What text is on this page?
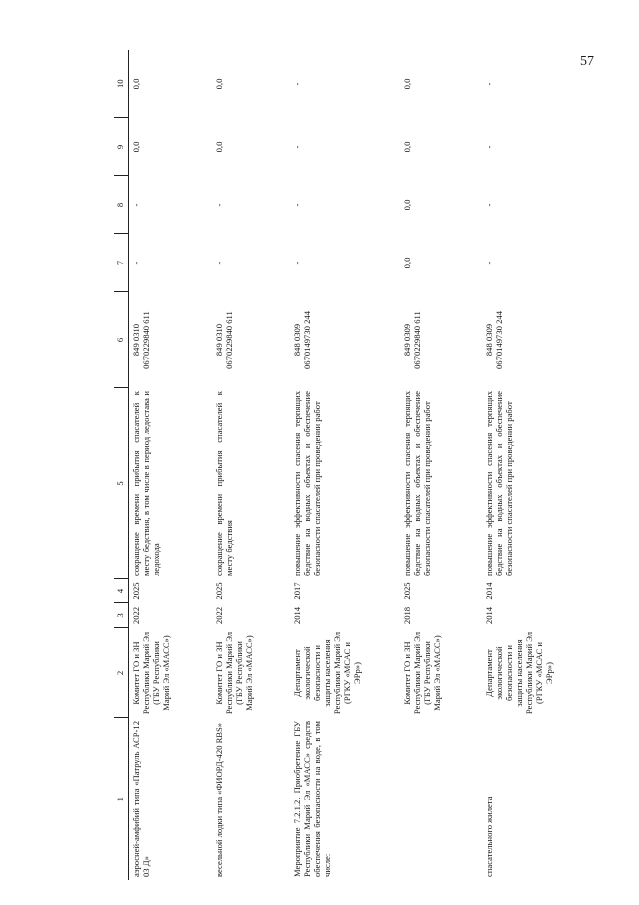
57
1	2	3	4	5	6	7	8	9	10
аэросней-амфибий типа «Патруль АСР-12 03 Д»	Комитет ГО и ЗН Республики Марий Эл (ГБУ Республики Марий Эл «МАСС»)	2022	2025	сокращение времени прибытия спасателей к месту бедствия, в том числе в период ледостава и ледохода	849 0310 0670229840 611	-	-	0,0	0,0
весельной лодки типа «ФИОРД-420 RBS»	Комитет ГО и ЗН Республики Марий Эл (ГБУ Республики Марий Эл «МАСС»)	2022	2025	сокращение времени прибытия спасателей к месту бедствия	849 0310 0670229840 611	-	-	0,0	0,0
Мероприятие 7.2.1.2. Приобретение ГБУ Республики Марий Эл «МАСС» средств обеспечения безопасности на воде, в том числе:	Департамент экологической безопасности и защиты населения Республики Марий Эл (РГКУ «МСАС и ЭРр»)	2014	2017	повышение эффективности спасения терпящих бедствие на водных объектах и обеспечение безопасности спасателей при проведении работ	848 0309 0670149730 244	-	-	-	-
	Комитет ГО и ЗН Республики Марий Эл (ГБУ Республики Марий Эл «МАСС»)	2018	2025	повышение эффективности спасения терпящих бедствие на водных объектах и обеспечение безопасности спасателей при проведении работ	849 0309 0670229840 611	0,0	0,0	0,0	0,0
спасательного жилета	Департамент экологической безопасности и защиты населения Республики Марий Эл (РГКУ «МСАС и ЭРр»)	2014	2014	повышение эффективности спасения терпящих бедствие на водных объектах и обеспечение безопасности спасателей при проведении работ	848 0309 0670149730 244	-	-	-	-
